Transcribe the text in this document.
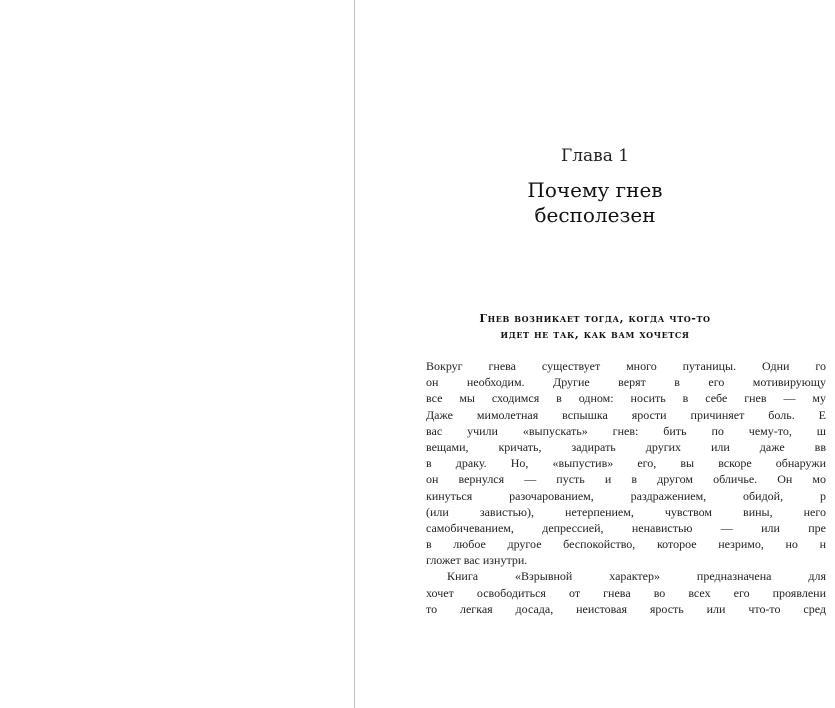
Глава 1
Почему гнев
бесполезен
Гнев возникает тогда, когда что-то
идет не так, как вам хочется
Вокруг гнева существует много путаницы. Одни го
он необходим. Другие верят в его мотивирующу
все мы сходимся в одном: носить в себе гнев — му
Даже мимолетная вспышка ярости причиняет боль. Е
вас учили «выпускать» гнев: бить по чему-то, ш
вещами, кричать, задирать других или даже вв
в драку. Но, «выпустив» его, вы вскоре обнаружи
он вернулся — пусть и в другом обличье. Он мо
кинуться разочарованием, раздражением, обидой, р
(или завистью), нетерпением, чувством вины, него
самобичеванием, депрессией, ненавистью — или пре
в любое другое беспокойство, которое незримо, но н
гложет вас изнутри.
Книга «Взрывной характер» предназначена для
хочет освободиться от гнева во всех его проявлени
то легкая досада, неистовая ярость или что-то сред
